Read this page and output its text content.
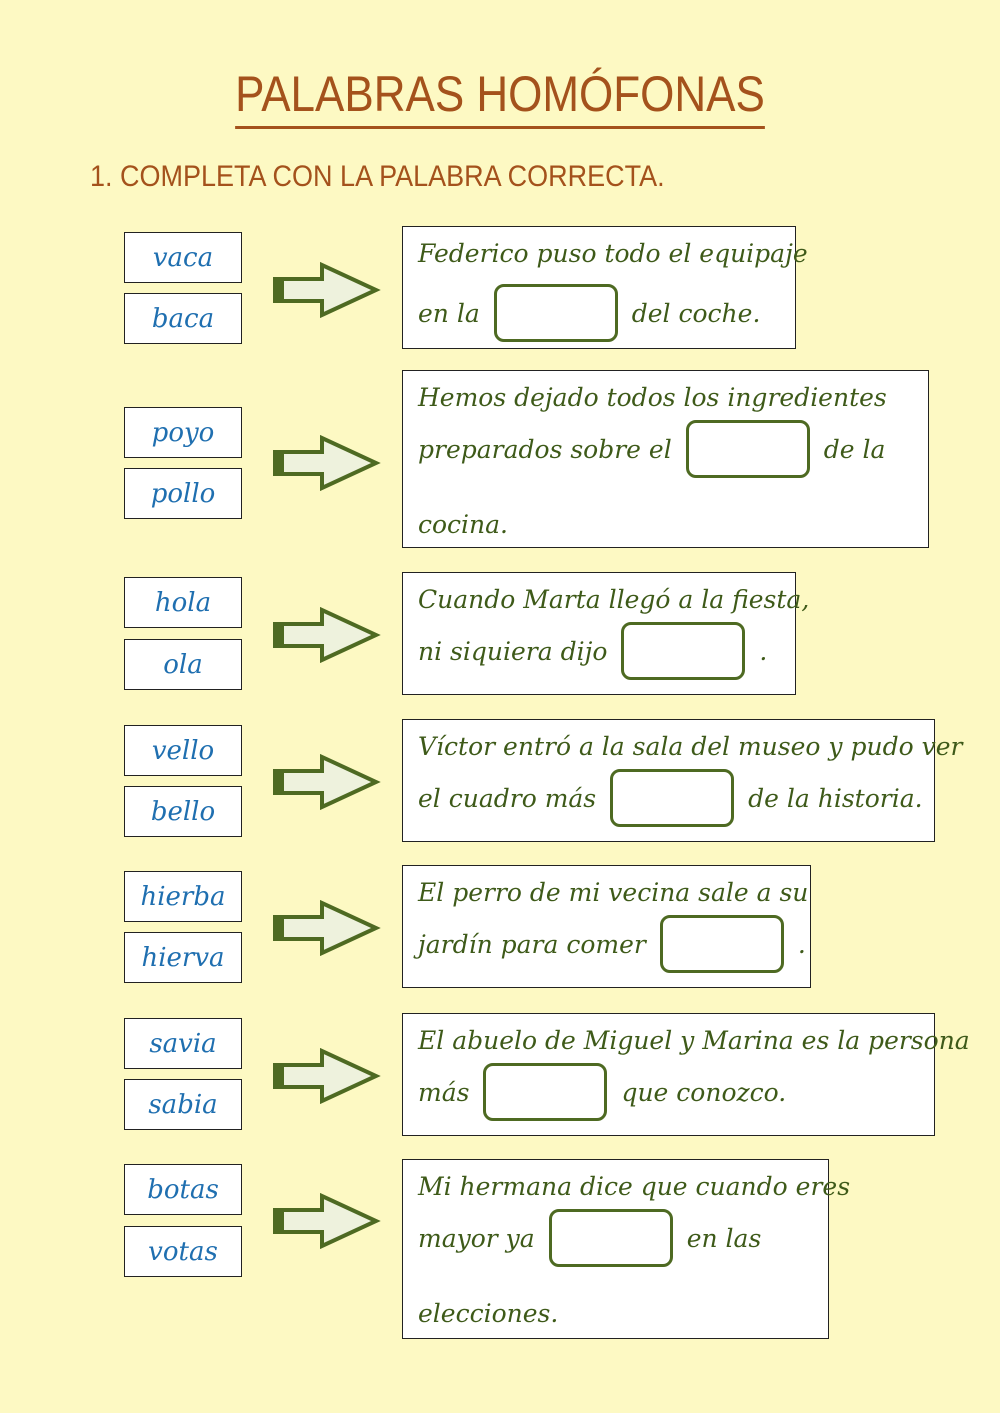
PALABRAS HOMÓFONAS
1. COMPLETA CON LA PALABRA CORRECTA.
vaca
baca
Federico puso todo el equipaje
en la	del coche.
poyo
pollo
Hemos dejado todos los ingredientes
preparados sobre el	de la
cocina.
hola
ola
Cuando Marta llegó a la fiesta,
ni siquiera dijo	.
vello
bello
Víctor entró a la sala del museo y pudo ver
el cuadro más	de la historia.
hierba
hierva
El perro de mi vecina sale a su
jardín para comer	.
savia
sabia
El abuelo de Miguel y Marina es la persona
más	que conozco.
botas
votas
Mi hermana dice que cuando eres
mayor ya	en las
elecciones.
